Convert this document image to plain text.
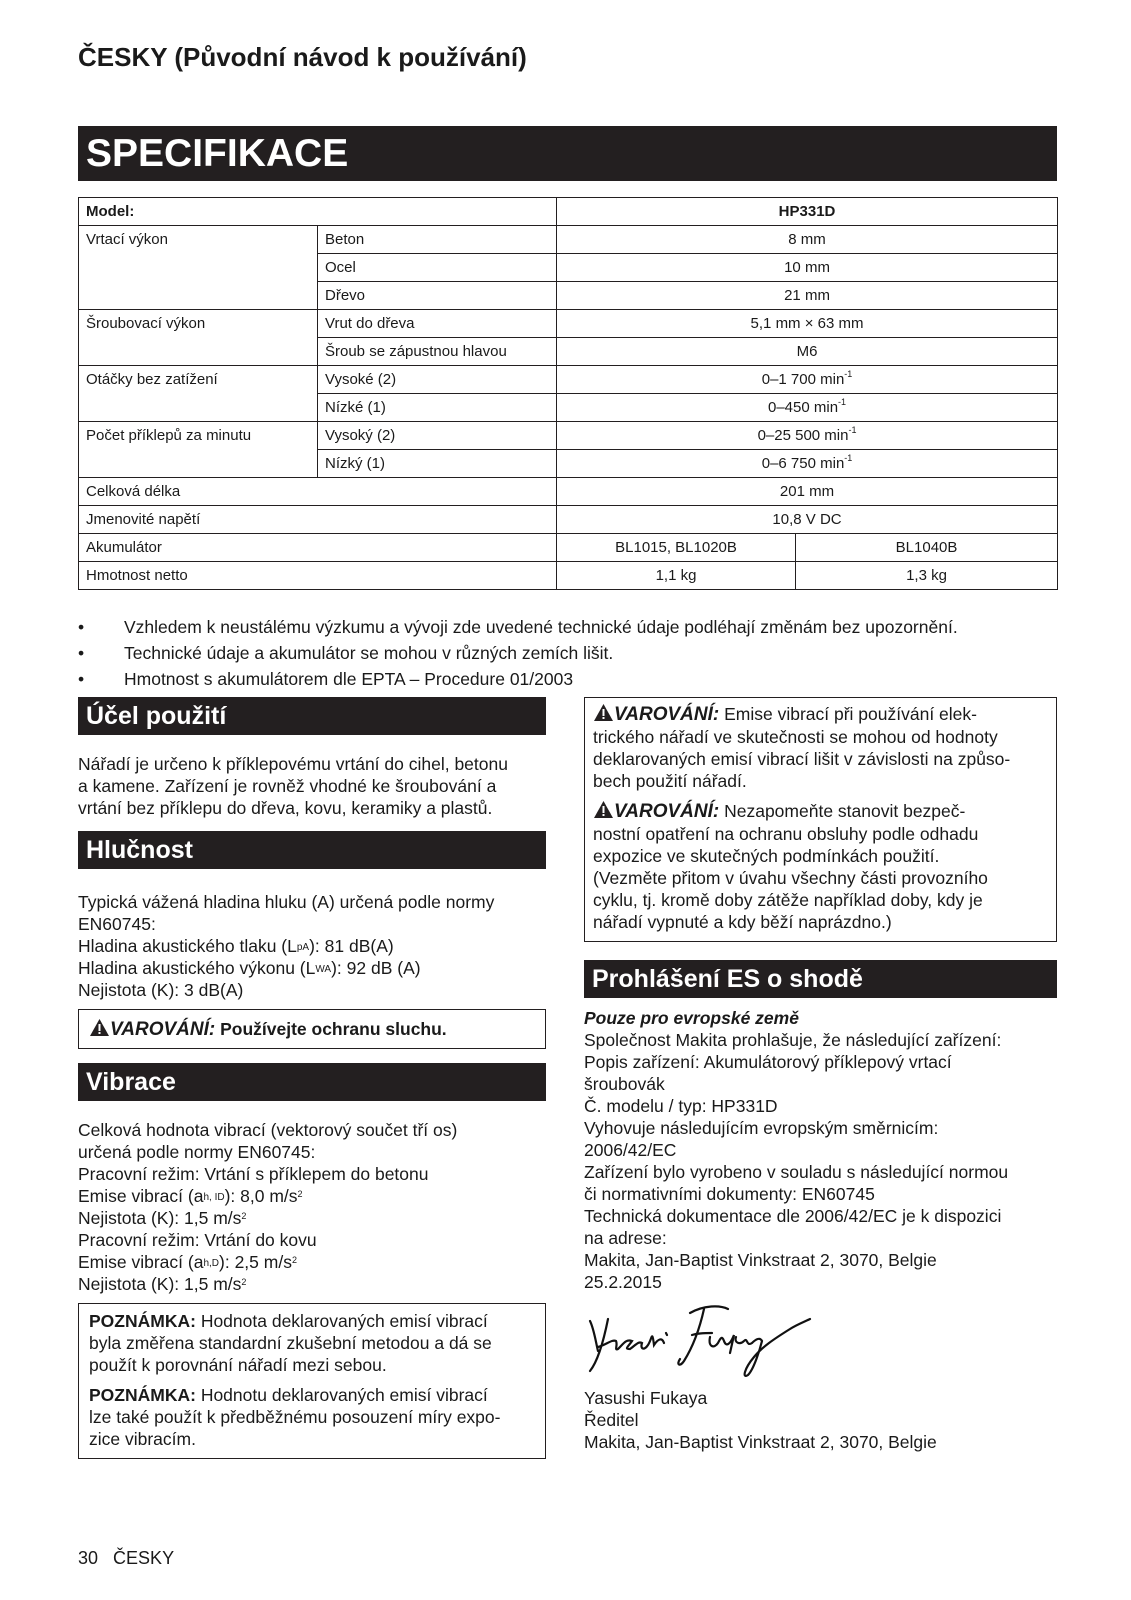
ČESKY (Původní návod k používání)
SPECIFIKACE
Model:		HP331D	
Vrtací výkon	Beton	8 mm	
	Ocel	10 mm	
	Dřevo	21 mm	
Šroubovací výkon	Vrut do dřeva	5,1 mm × 63 mm	
	Šroub se zápustnou hlavou	M6	
Otáčky bez zatížení	Vysoké (2)	0–1 700 $\min^{-1}$
	Nízké (1)	0–450 $\min^{-1}$
Počet příklepů za minutu	Vysoký (2)	0–25 500 $\min^{-1}$
	Nízký (1)	0–6 750 $\min^{-1}$
Celková délka		201 mm	
Jmenovité napětí		10,8 V DC	
Akumulátor		BL1015, BL1020B	BL1040B
Hmotnost netto		1,1 kg	1,3 kg
• Vzhledem k neustálému výzkumu a vývoji zde uvedené technické údaje podléhají změnám bez upozornění.
• Technické údaje a akumulátor se mohou v různých zemích lišit.
• Hmotnost s akumulátorem dle EPTA – Procedure 01/2003
Účel použití
Nářadí je určeno k příklepovému vrtání do cihel, betonu
a kamene. Zařízení je rovněž vhodné ke šroubování a
vrtání bez příklepu do dřeva, kovu, keramiky a plastů.
Hlučnost
Typická vážená hladina hluku (A) určená podle normy
EN60745:
Hladina akustického tlaku $(L_{pA})$: 81 dB(A)
Hladina akustického výkonu $(L_{WA})$: 92 dB (A)
Nejistota (K): 3 dB(A)
VAROVÁNÍ: Používejte ochranu sluchu.
Vibrace
Celková hodnota vibrací (vektorový součet tří os)
určená podle normy EN60745:
Pracovní režim: Vrtání s příklepem do betonu
Emise vibrací $(a_{h, ID})$: 8,0 $m/s^2$
Nejistota (K): 1,5 $m/s^2$
Pracovní režim: Vrtání do kovu
Emise vibrací $(a_{h,D})$: 2,5 $m/s^2$
Nejistota (K): 1,5 $m/s^2$
POZNÁMKA: Hodnota deklarovaných emisí vibrací
byla změřena standardní zkušební metodou a dá se
použít k porovnání nářadí mezi sebou.
POZNÁMKA: Hodnotu deklarovaných emisí vibrací
lze také použít k předběžnému posouzení míry expo-
zice vibracím.
VAROVÁNÍ: Emise vibrací při používání elek-
trického nářadí ve skutečnosti se mohou od hodnoty
deklarovaných emisí vibrací lišit v závislosti na způso-
bech použití nářadí.
VAROVÁNÍ: Nezapomeňte stanovit bezpeč-
nostní opatření na ochranu obsluhy podle odhadu
expozice ve skutečných podmínkách použití.
(Vezměte přitom v úvahu všechny části provozního
cyklu, tj. kromě doby zátěže například doby, kdy je
nářadí vypnuté a kdy běží naprázdno.)
Prohlášení ES o shodě
Pouze pro evropské země
Společnost Makita prohlašuje, že následující zařízení:
Popis zařízení: Akumulátorový příklepový vrtací
šroubovák
Č. modelu / typ: HP331D
Vyhovuje následujícím evropským směrnicím:
2006/42/EC
Zařízení bylo vyrobeno v souladu s následující normou
či normativními dokumenty: EN60745
Technická dokumentace dle 2006/42/EC je k dispozici
na adrese:
Makita, Jan-Baptist Vinkstraat 2, 3070, Belgie
25.2.2015
Yasushi Fukaya
Ředitel
Makita, Jan-Baptist Vinkstraat 2, 3070, Belgie
30 ČESKY
